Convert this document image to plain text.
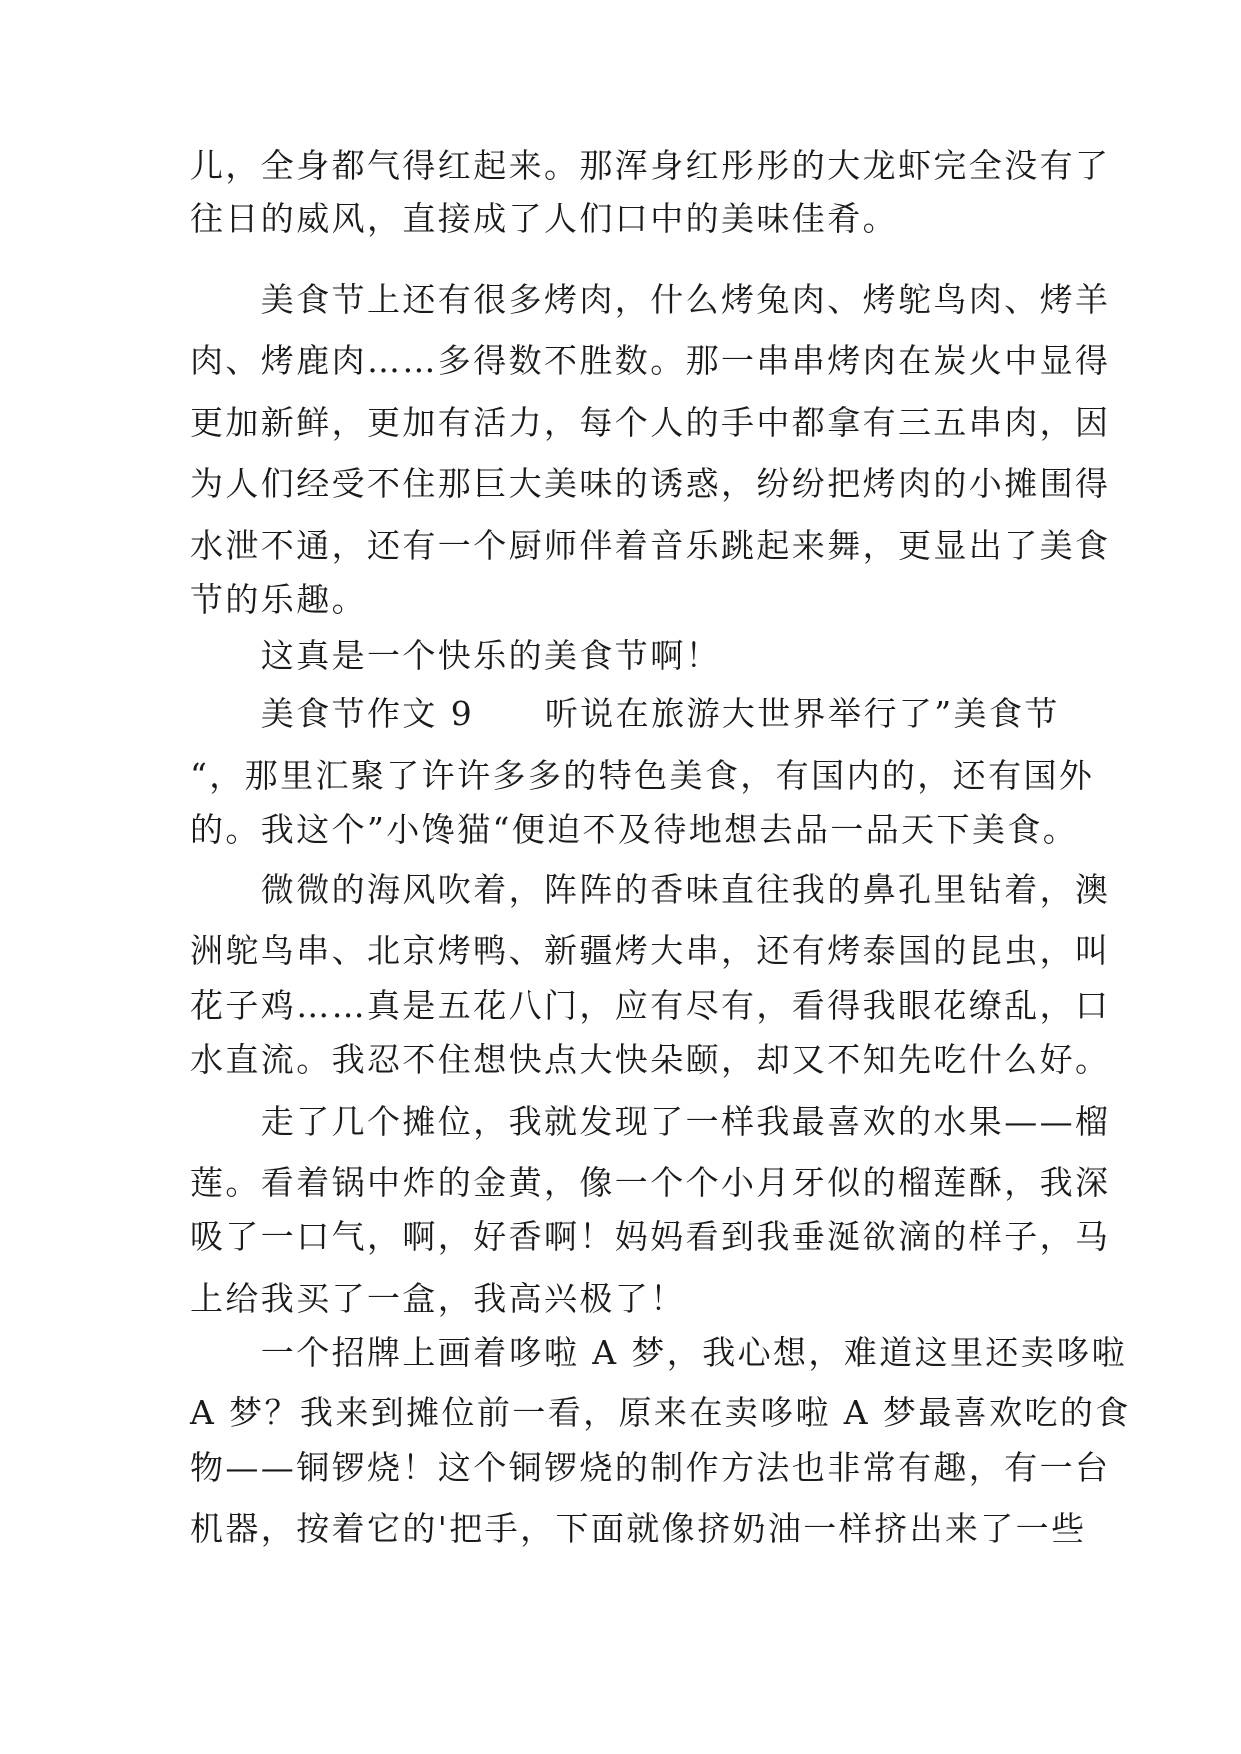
儿，全身都气得红起来。那浑身红彤彤的大龙虾完全没有了
往日的威风，直接成了人们口中的美味佳肴。
　　美食节上还有很多烤肉，什么烤兔肉、烤鸵鸟肉、烤羊
肉、烤鹿肉……多得数不胜数。那一串串烤肉在炭火中显得
更加新鲜，更加有活力，每个人的手中都拿有三五串肉，因
为人们经受不住那巨大美味的诱惑，纷纷把烤肉的小摊围得
水泄不通，还有一个厨师伴着音乐跳起来舞，更显出了美食
节的乐趣。
　　这真是一个快乐的美食节啊！
　　美食节作文 9　　听说在旅游大世界举行了”美食节
“，那里汇聚了许许多多的特色美食，有国内的，还有国外
的。我这个”小馋猫“便迫不及待地想去品一品天下美食。
　　微微的海风吹着，阵阵的香味直往我的鼻孔里钻着，澳
洲鸵鸟串、北京烤鸭、新疆烤大串，还有烤泰国的昆虫，叫
花子鸡……真是五花八门，应有尽有，看得我眼花缭乱，口
水直流。我忍不住想快点大快朵颐，却又不知先吃什么好。
　　走了几个摊位，我就发现了一样我最喜欢的水果——榴
莲。看着锅中炸的金黄，像一个个小月牙似的榴莲酥，我深
吸了一口气，啊，好香啊！妈妈看到我垂涎欲滴的样子，马
上给我买了一盒，我高兴极了！
　　一个招牌上画着哆啦 A 梦，我心想，难道这里还卖哆啦
A 梦？我来到摊位前一看，原来在卖哆啦 A 梦最喜欢吃的食
物——铜锣烧！这个铜锣烧的制作方法也非常有趣，有一台
机器，按着它的'把手，下面就像挤奶油一样挤出来了一些
